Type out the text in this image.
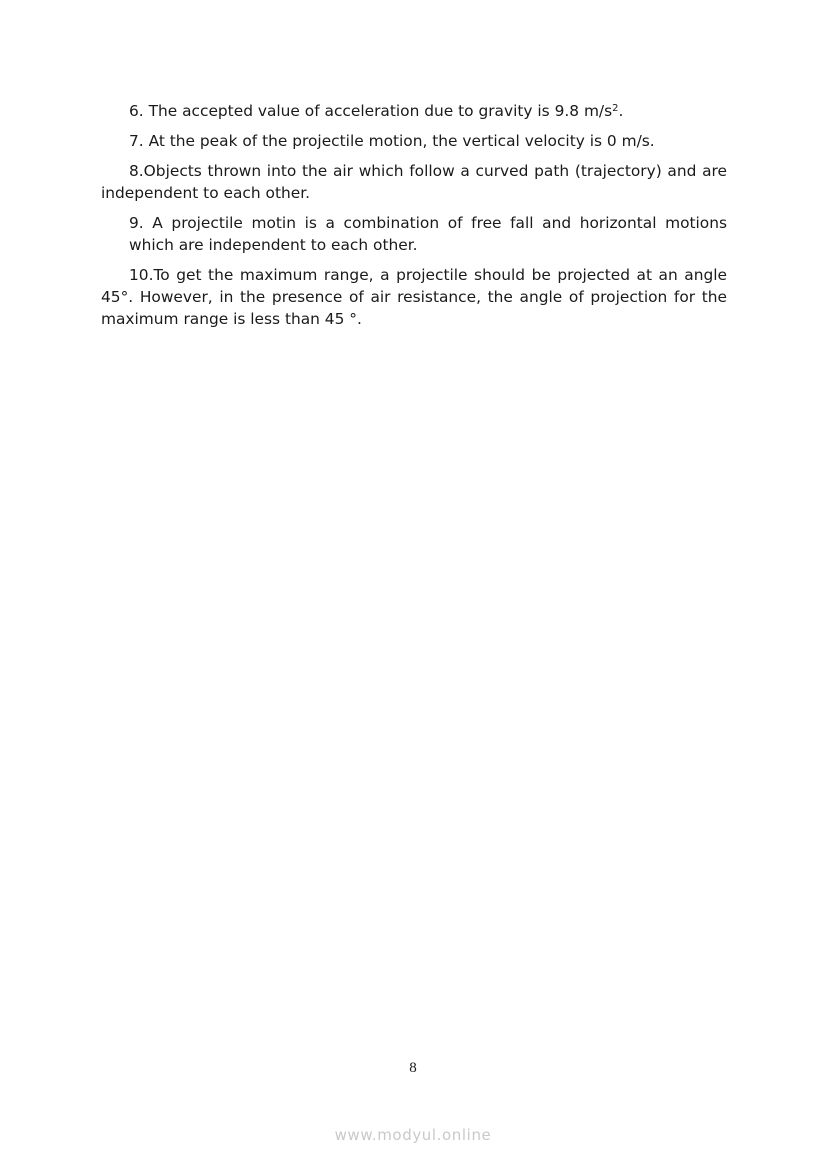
6. The accepted value of acceleration due to gravity is 9.8 $m/s^2$.

7. At the peak of the projectile motion, the vertical velocity is 0 m/s.

8.Objects thrown into the air which follow a curved path (trajectory) and are independent to each other.

9. A projectile motin is a combination of free fall and horizontal motions which are independent to each other.

10.To get the maximum range, a projectile should be projected at an angle 45°. However, in the presence of air resistance, the angle of projection for the maximum range is less than 45 °.

8
www.modyul.online
